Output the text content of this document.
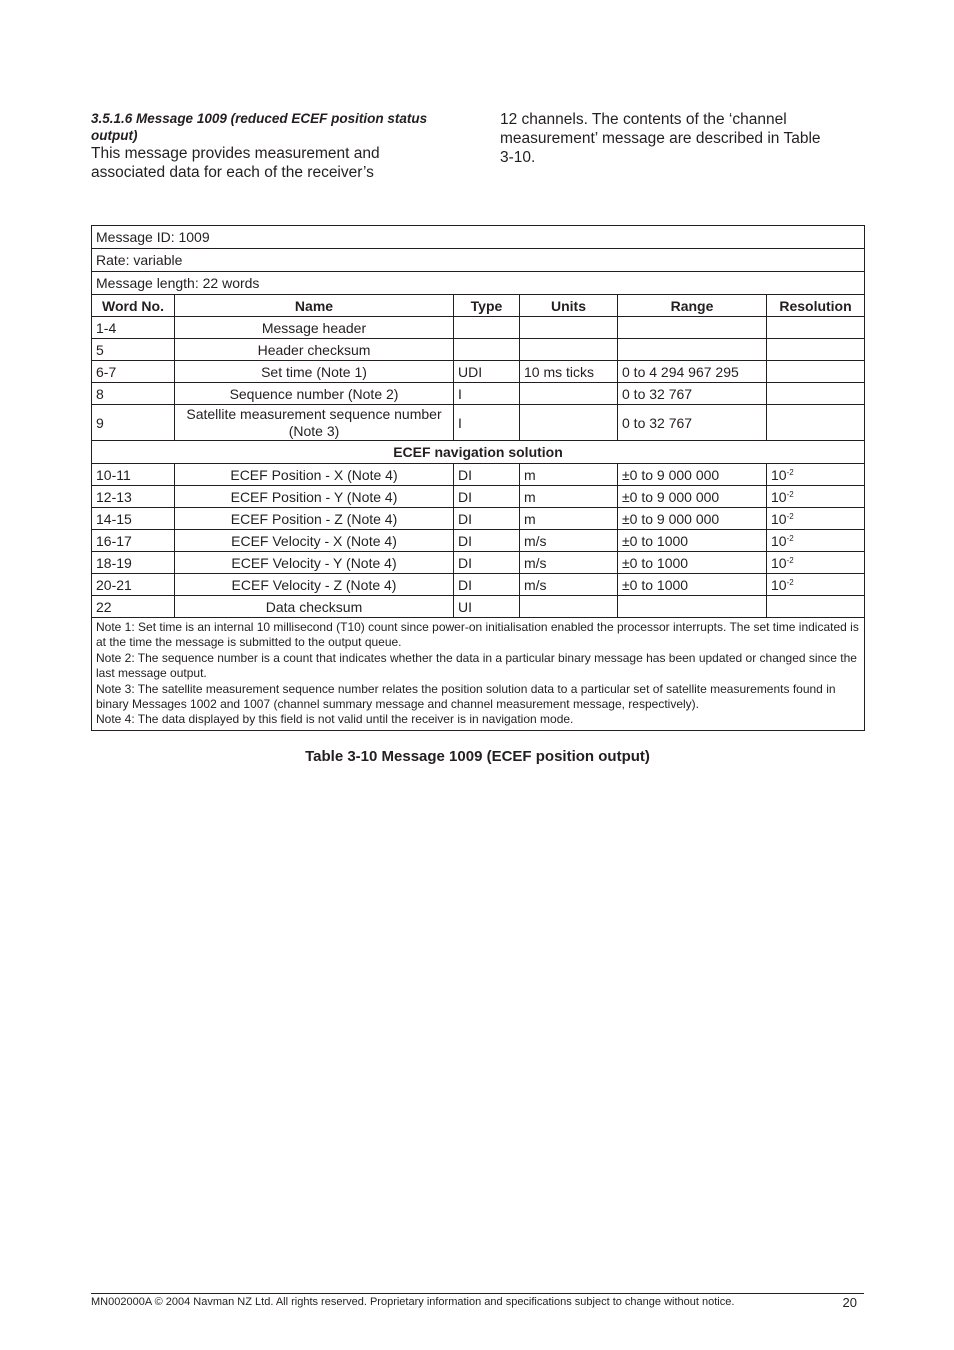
3.5.1.6 Message 1009 (reduced ECEF position status output)

This message provides measurement and associated data for each of the receiver’s

12 channels. The contents of the ‘channel measurement’ message are described in Table 3-10.

Message ID: 1009					
Rate: variable					
Message length: 22 words					
Word No.	Name	Type	Units	Range	Resolution
1-4	Message header				
5	Header checksum				
6-7	Set time (Note 1)	UDI	10 ms ticks	0 to 4 294 967 295	
8	Sequence number (Note 2)	I		0 to 32 767	
9	Satellite measurement sequence number (Note 3)	I		0 to 32 767	
ECEF navigation solution					
10-11	ECEF Position - X (Note 4)	DI	m	±0 to 9 000 000	$10^{-2}$
12-13	ECEF Position - Y (Note 4)	DI	m	±0 to 9 000 000	$10^{-2}$
14-15	ECEF Position - Z (Note 4)	DI	m	±0 to 9 000 000	$10^{-2}$
16-17	ECEF Velocity - X (Note 4)	DI	m/s	±0 to 1000	$10^{-2}$
18-19	ECEF Velocity - Y (Note 4)	DI	m/s	±0 to 1000	$10^{-2}$
20-21	ECEF Velocity - Z (Note 4)	DI	m/s	±0 to 1000	$10^{-2}$
22	Data checksum	UI			

Note 1: Set time is an internal 10 millisecond (T10) count since power-on initialisation enabled the processor interrupts. The set time indicated is at the time the message is submitted to the output queue.
Note 2: The sequence number is a count that indicates whether the data in a particular binary message has been updated or changed since the last message output.
Note 3: The satellite measurement sequence number relates the position solution data to a particular set of satellite measurements found in binary Messages 1002 and 1007 (channel summary message and channel measurement message, respectively).
Note 4: The data displayed by this field is not valid until the receiver is in navigation mode.					
Table 3-10 Message 1009 (ECEF position output)
MN002000A © 2004 Navman NZ Ltd. All rights reserved. Proprietary information and specifications subject to change without notice.	20
